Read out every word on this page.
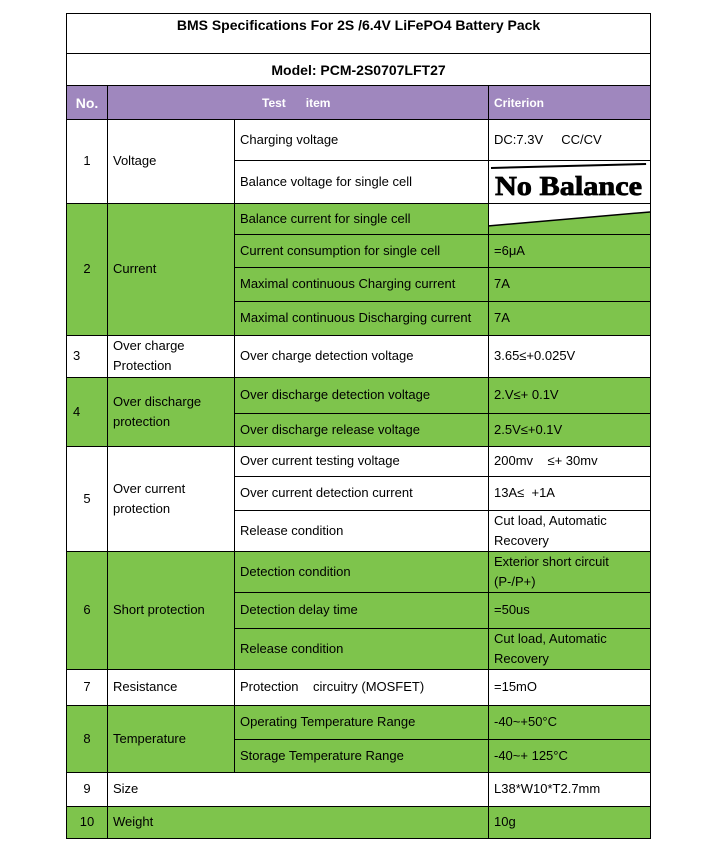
BMS Specifications For 2S /6.4V LiFePO4 Battery Pack			
Model: PCM-2S0707LFT27			
No.	Test      item		Criterion
1	Voltage	Charging voltage	DC:7.3V     CC/CV
		Balance voltage for single cell	No Balance

2	Current	Balance current for single cell	

		Current consumption for single cell	=6μA
		Maximal continuous Charging current	7A
		Maximal continuous Discharging current	7A
3	Over charge Protection	Over charge detection voltage	3.65≤+0.025V
4	Over discharge protection	Over discharge detection voltage	2.V≤+ 0.1V
		Over discharge release voltage	2.5V≤+0.1V
5	Over current protection	Over current testing voltage	200mv    ≤+ 30mv
		Over current detection current	13A≤  +1A
		Release condition	Cut load, Automatic Recovery
6	Short protection	Detection condition	Exterior short circuit (P-/P+)
		Detection delay time	=50us
		Release condition	Cut load, Automatic Recovery
7	Resistance	Protection    circuitry (MOSFET)	=15mO
8	Temperature	Operating Temperature Range	-40~+50°C
		Storage Temperature Range	-40~+ 125°C
9	Size		L38*W10*T2.7mm
10	Weight		10g
